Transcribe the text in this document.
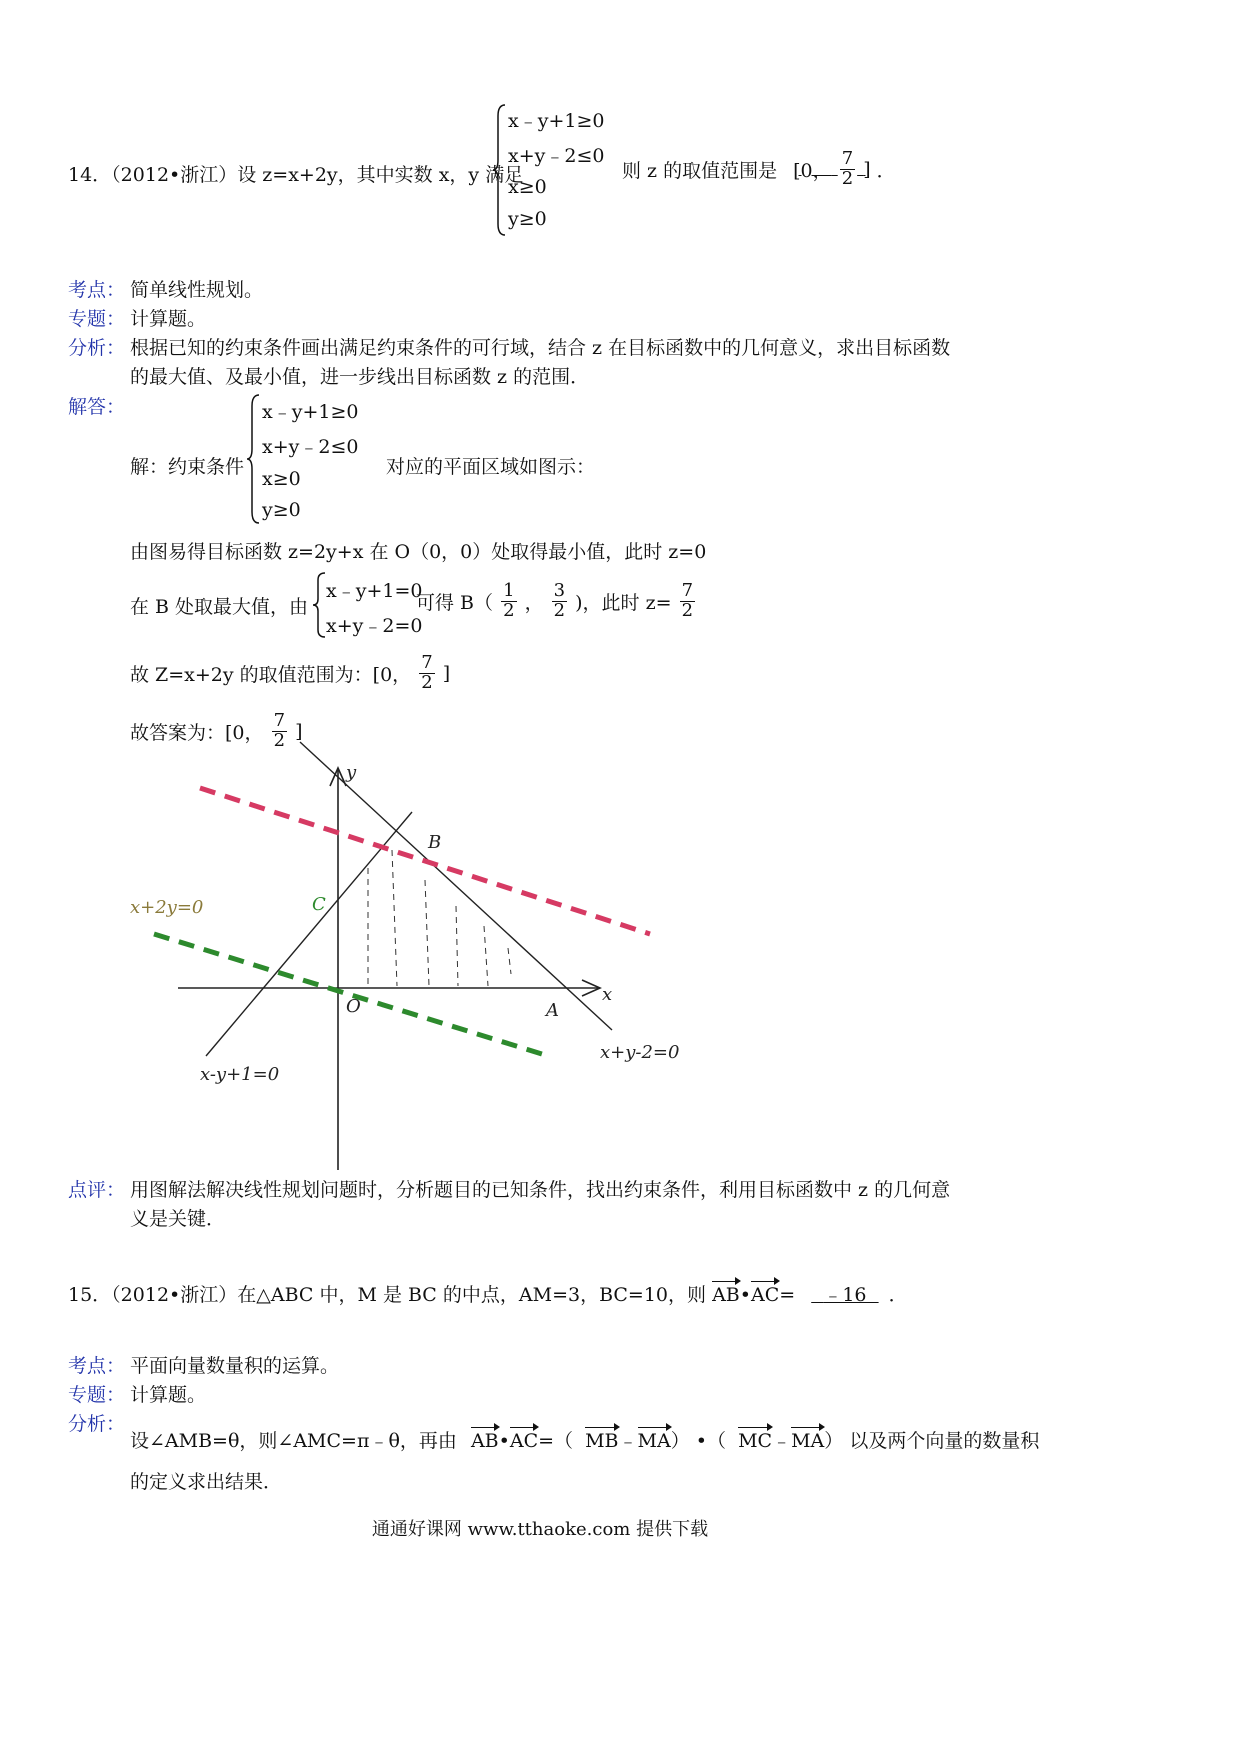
14．（2012•浙江）设 z=x+2y，其中实数 x，y 满足
x﹣y+1≥0
x+y﹣2≤0
x≥0
y≥0
则 z 的取值范围是 [0， $\frac{7}{2}$ ] ．
考点： 简单线性规划。
专题： 计算题。
分析： 根据已知的约束条件画出满足约束条件的可行域，结合 z 在目标函数中的几何意义，求出目标函数
的最大值、及最小值，进一步线出目标函数 z 的范围．
解答：
解：约束条件
x﹣y+1≥0
x+y﹣2≤0
x≥0
y≥0
对应的平面区域如图示：
由图易得目标函数 z=2y+x 在 O（0，0）处取得最小值，此时 z=0
在 B 处取最大值，由
x﹣y+1=0
x+y﹣2=0
可得 $B( \frac{1}{2}$ ， $\frac{3}{2}$ )，此时 $z= \frac{7}{2}$
故 Z=x+2y 的取值范围为：[0， $\frac{7}{2}$ ]
故答案为：[0， $\frac{7}{2}$ ]
y
x
B
C
O	A
x+2y=0
x-y+1=0
x+y-2=0
点评： 用图解法解决线性规划问题时，分析题目的已知条件，找出约束条件，利用目标函数中 z 的几何意
义是关键．
15．（2012•浙江）在△ABC 中，M 是 BC 的中点，AM=3，BC=10，则 AB•AC= ﹣16 ．
考点： 平面向量数量积的运算。
专题： 计算题。
分析：
设∠AMB=θ，则∠AMC=π﹣θ，再由 AB•AC=（ MB﹣MA） •（ MC﹣MA） 以及两个向量的数量积
的定义求出结果．
通通好课网 www.tthaoke.com 提供下载
